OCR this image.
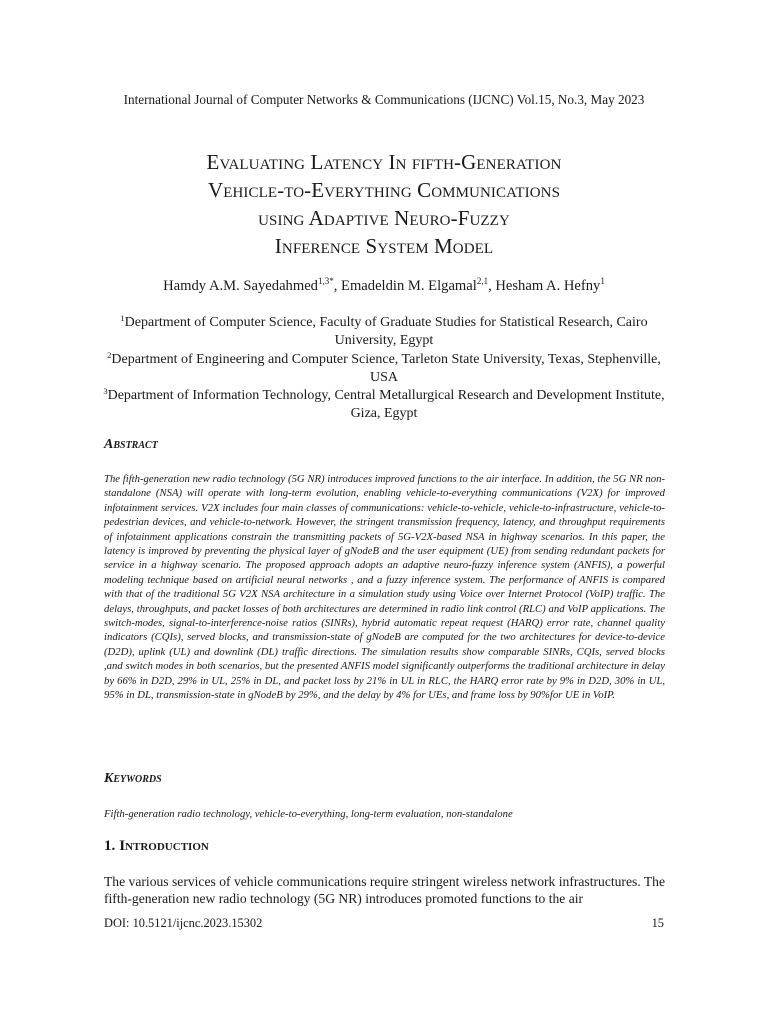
International Journal of Computer Networks & Communications (IJCNC) Vol.15, No.3, May 2023
Evaluating Latency In fifth-Generation
Vehicle-to-Everything Communications
using Adaptive Neuro-Fuzzy
Inference System Model
Hamdy A.M. Sayedahmed$^{1,3*}$, Emadeldin M. Elgamal$^{2,1}$, Hesham A. Hefny$^1$
$^1$Department of Computer Science, Faculty of Graduate Studies for Statistical Research, Cairo University, Egypt
$^2$Department of Engineering and Computer Science, Tarleton State University, Texas, Stephenville, USA
$^3$Department of Information Technology, Central Metallurgical Research and Development Institute, Giza, Egypt
Abstract

The fifth-generation new radio technology (5G NR) introduces improved functions to the air interface. In addition, the 5G NR non-standalone (NSA) will operate with long-term evolution, enabling vehicle-to-everything communications (V2X) for improved infotainment services. V2X includes four main classes of communications: vehicle-to-vehicle, vehicle-to-infrastructure, vehicle-to-pedestrian devices, and vehicle-to-network. However, the stringent transmission frequency, latency, and throughput requirements of infotainment applications constrain the transmitting packets of 5G-V2X-based NSA in highway scenarios. In this paper, the latency is improved by preventing the physical layer of gNodeB and the user equipment (UE) from sending redundant packets for service in a highway scenario. The proposed approach adopts an adaptive neuro-fuzzy inference system (ANFIS), a powerful modeling technique based on artificial neural networks , and a fuzzy inference system. The performance of ANFIS is compared with that of the traditional 5G V2X NSA architecture in a simulation study using Voice over Internet Protocol (VoIP) traffic. The delays, throughputs, and packet losses of both architectures are determined in radio link control (RLC) and VoIP applications. The switch-modes, signal-to-interference-noise ratios (SINRs), hybrid automatic repeat request (HARQ) error rate, channel quality indicators (CQIs), served blocks, and transmission-state of gNodeB are computed for the two architectures for device-to-device (D2D), uplink (UL) and downlink (DL) traffic directions. The simulation results show comparable SINRs, CQIs, served blocks ,and switch modes in both scenarios, but the presented ANFIS model significantly outperforms the traditional architecture in delay by 66% in D2D, 29% in UL, 25% in DL, and packet loss by 21% in UL in RLC, the HARQ error rate by 9% in D2D, 30% in UL, 95% in DL, transmission-state in gNodeB by 29%, and the delay by 4% for UEs, and frame loss by 90%for UE in VoIP.

Keywords

Fifth-generation radio technology, vehicle-to-everything, long-term evaluation, non-standalone

1. Introduction

The various services of vehicle communications require stringent wireless network infrastructures. The fifth-generation new radio technology (5G NR) introduces promoted functions to the air

DOI: 10.5121/ijcnc.2023.15302	15
